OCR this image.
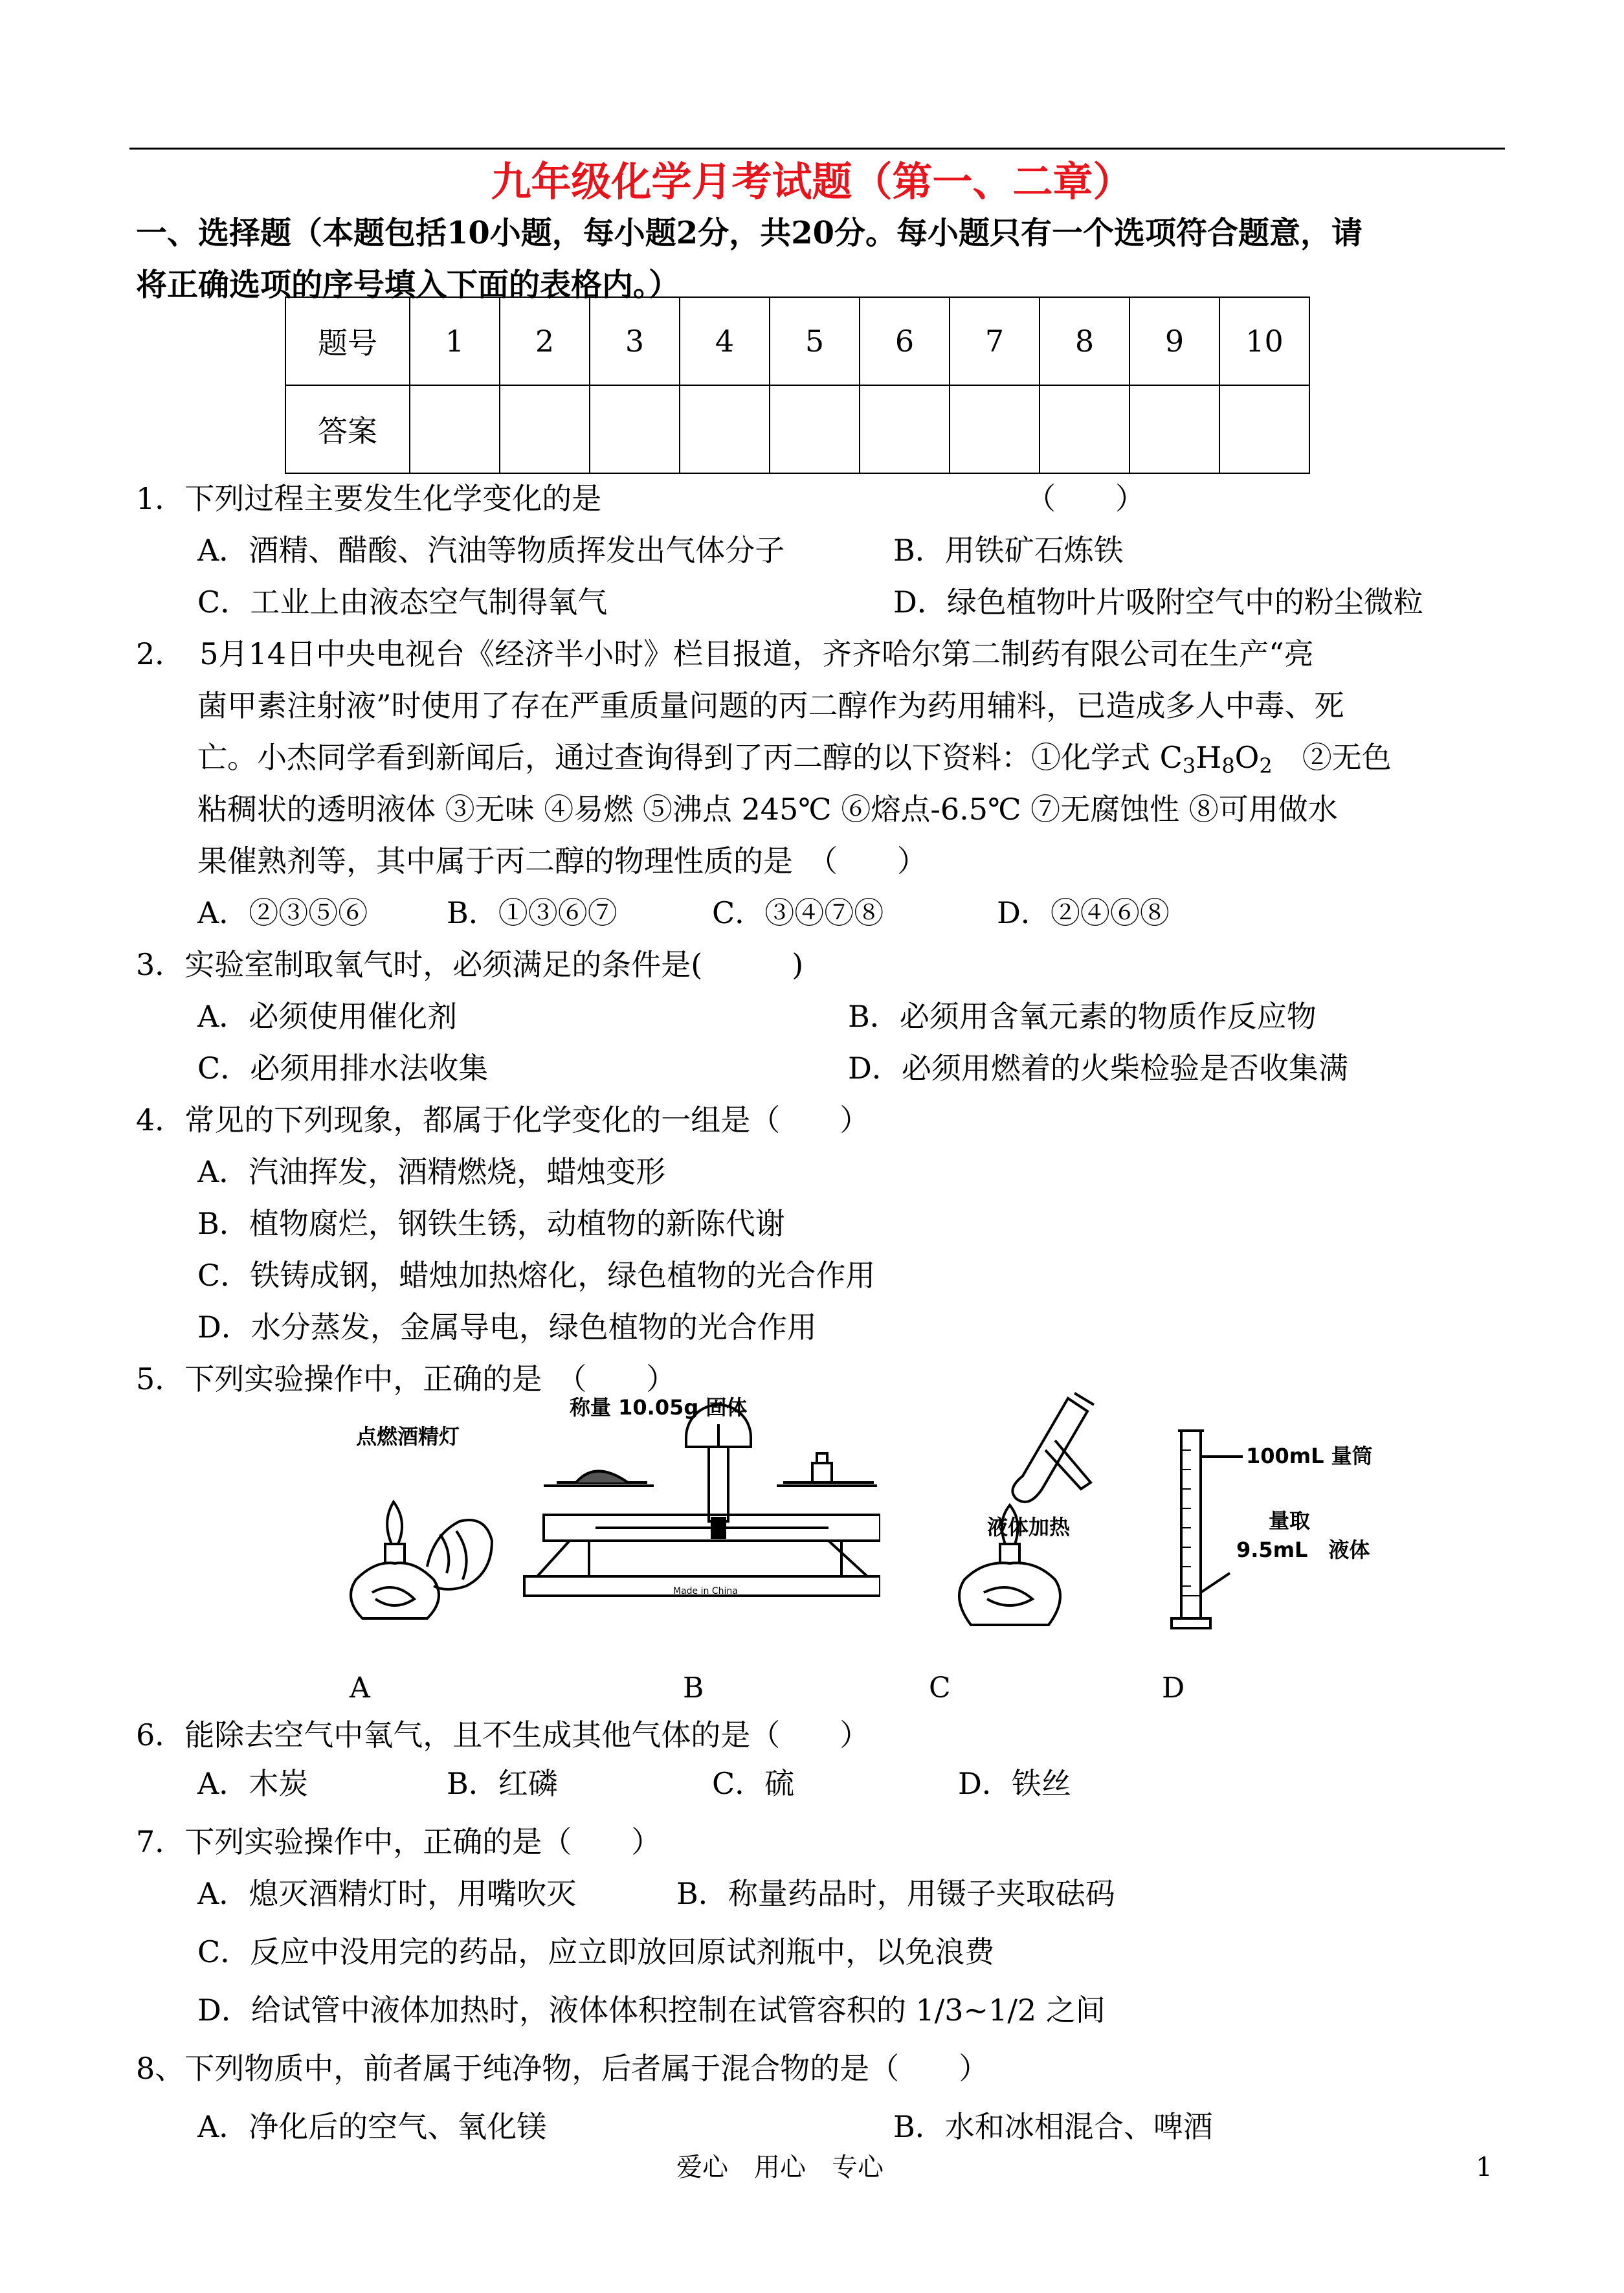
九年级化学月考试题（第一、二章）
一、选择题（本题包括10小题，每小题2分，共20分。每小题只有一个选项符合题意，请
将正确选项的序号填入下面的表格内。）
题号	1	2	3	4	5	6	7	8	9	10
答案										
1．下列过程主要发生化学变化的是	（　　）
A．酒精、醋酸、汽油等物质挥发出气体分子	B．用铁矿石炼铁
C．工业上由液态空气制得氧气	D．绿色植物叶片吸附空气中的粉尘微粒
2．　5月14日中央电视台《经济半小时》栏目报道，齐齐哈尔第二制药有限公司在生产“亮
菌甲素注射液”时使用了存在严重质量问题的丙二醇作为药用辅料，已造成多人中毒、死
亡。小杰同学看到新闻后，通过查询得到了丙二醇的以下资料：①化学式 $C_3H_8O_2$　②无色
粘稠状的透明液体 ③无味 ④易燃 ⑤沸点 245℃ ⑥熔点-6.5℃ ⑦无腐蚀性 ⑧可用做水
果催熟剂等，其中属于丙二醇的物理性质的是　（　　）
A．②③⑤⑥	B．①③⑥⑦	C．③④⑦⑧	D．②④⑥⑧
3．实验室制取氧气时，必须满足的条件是(　　　)
A．必须使用催化剂	B．必须用含氧元素的物质作反应物
C．必须用排水法收集	D．必须用燃着的火柴检验是否收集满
4．常见的下列现象，都属于化学变化的一组是（　　）
A．汽油挥发，酒精燃烧，蜡烛变形
B．植物腐烂，钢铁生锈，动植物的新陈代谢
C．铁铸成钢，蜡烛加热熔化，绿色植物的光合作用
D．水分蒸发，金属导电，绿色植物的光合作用
5．下列实验操作中，正确的是　（　　）
点燃酒精灯
称量 10.05g 固体
Made in China
液体加热
100mL 量筒
量取
9.5mL　液体
A	B	C	D
6．能除去空气中氧气，且不生成其他气体的是（　　）
A．木炭	B．红磷	C．硫	D．铁丝
7．下列实验操作中，正确的是（　　）
A．熄灭酒精灯时，用嘴吹灭	B．称量药品时，用镊子夹取砝码
C．反应中没用完的药品，应立即放回原试剂瓶中，以免浪费
D．给试管中液体加热时，液体体积控制在试管容积的 1/3~1/2 之间
8、下列物质中，前者属于纯净物，后者属于混合物的是（　　）
A．净化后的空气、氧化镁	B．水和冰相混合、啤酒
爱心　用心　专心	1
